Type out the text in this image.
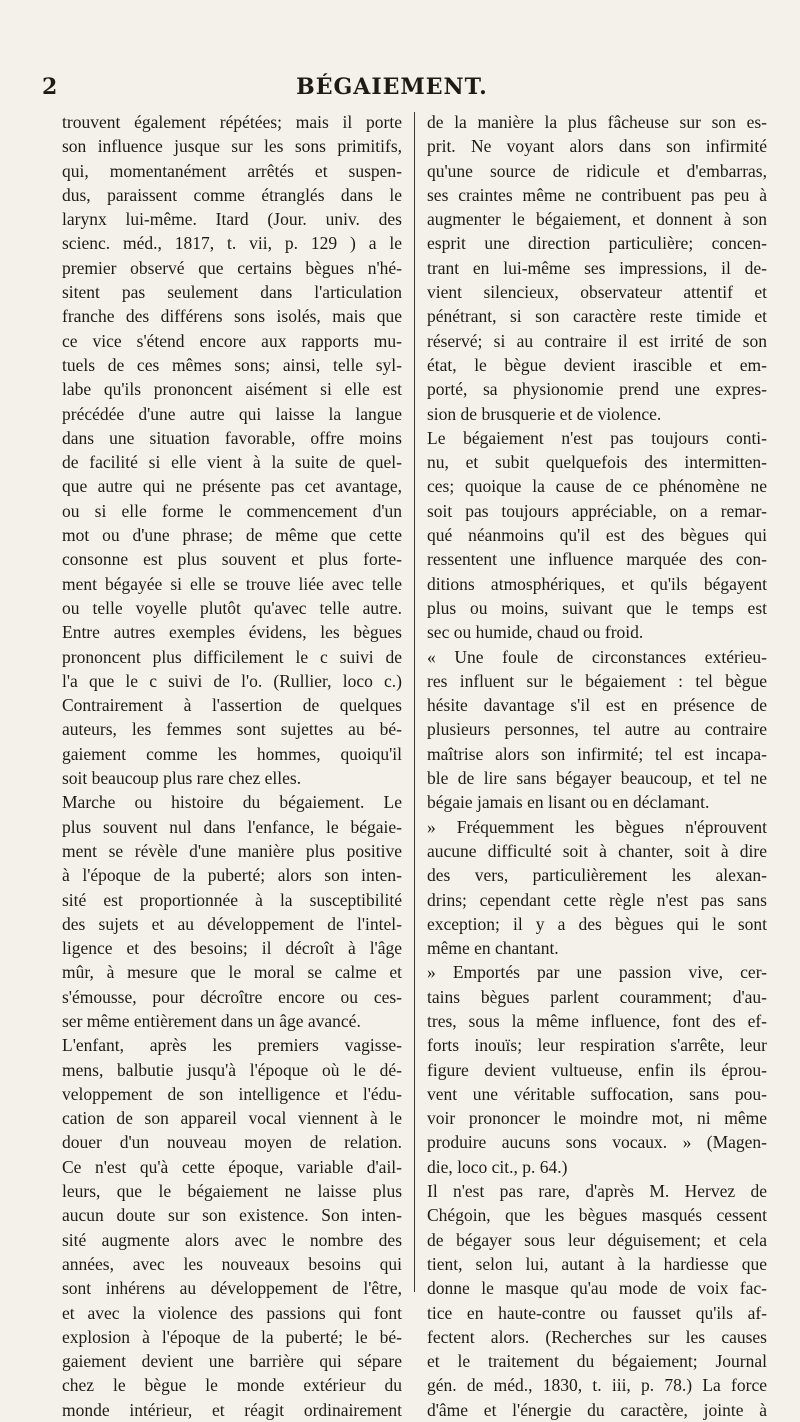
2	BÉGAIEMENT.
trouvent également répétées; mais il porte
son influence jusque sur les sons primitifs,
qui, momentanément arrêtés et suspen-
dus, paraissent comme étranglés dans le
larynx lui-même. Itard (Jour. univ. des
scienc. méd., 1817, t. vii, p. 129 ) a le
premier observé que certains bègues n'hé-
sitent pas seulement dans l'articulation
franche des différens sons isolés, mais que
ce vice s'étend encore aux rapports mu-
tuels de ces mêmes sons; ainsi, telle syl-
labe qu'ils prononcent aisément si elle est
précédée d'une autre qui laisse la langue
dans une situation favorable, offre moins
de facilité si elle vient à la suite de quel-
que autre qui ne présente pas cet avantage,
ou si elle forme le commencement d'un
mot ou d'une phrase; de même que cette
consonne est plus souvent et plus forte-
ment bégayée si elle se trouve liée avec telle
ou telle voyelle plutôt qu'avec telle autre.
Entre autres exemples évidens, les bègues
prononcent plus difficilement le c suivi de
l'a que le c suivi de l'o. (Rullier, loco c.)
Contrairement à l'assertion de quelques
auteurs, les femmes sont sujettes au bé-
gaiement comme les hommes, quoiqu'il
soit beaucoup plus rare chez elles.
Marche ou histoire du bégaiement. Le
plus souvent nul dans l'enfance, le bégaie-
ment se révèle d'une manière plus positive
à l'époque de la puberté; alors son inten-
sité est proportionnée à la susceptibilité
des sujets et au développement de l'intel-
ligence et des besoins; il décroît à l'âge
mûr, à mesure que le moral se calme et
s'émousse, pour décroître encore ou ces-
ser même entièrement dans un âge avancé.
L'enfant, après les premiers vagisse-
mens, balbutie jusqu'à l'époque où le dé-
veloppement de son intelligence et l'édu-
cation de son appareil vocal viennent à le
douer d'un nouveau moyen de relation.
Ce n'est qu'à cette époque, variable d'ail-
leurs, que le bégaiement ne laisse plus
aucun doute sur son existence. Son inten-
sité augmente alors avec le nombre des
années, avec les nouveaux besoins qui
sont inhérens au développement de l'être,
et avec la violence des passions qui font
explosion à l'époque de la puberté; le bé-
gaiement devient une barrière qui sépare
chez le bègue le monde extérieur du
monde intérieur, et réagit ordinairement
de la manière la plus fâcheuse sur son es-
prit. Ne voyant alors dans son infirmité
qu'une source de ridicule et d'embarras,
ses craintes même ne contribuent pas peu à
augmenter le bégaiement, et donnent à son
esprit une direction particulière; concen-
trant en lui-même ses impressions, il de-
vient silencieux, observateur attentif et
pénétrant, si son caractère reste timide et
réservé; si au contraire il est irrité de son
état, le bègue devient irascible et em-
porté, sa physionomie prend une expres-
sion de brusquerie et de violence.
Le bégaiement n'est pas toujours conti-
nu, et subit quelquefois des intermitten-
ces; quoique la cause de ce phénomène ne
soit pas toujours appréciable, on a remar-
qué néanmoins qu'il est des bègues qui
ressentent une influence marquée des con-
ditions atmosphériques, et qu'ils bégayent
plus ou moins, suivant que le temps est
sec ou humide, chaud ou froid.
« Une foule de circonstances extérieu-
res influent sur le bégaiement : tel bègue
hésite davantage s'il est en présence de
plusieurs personnes, tel autre au contraire
maîtrise alors son infirmité; tel est incapa-
ble de lire sans bégayer beaucoup, et tel ne
bégaie jamais en lisant ou en déclamant.
» Fréquemment les bègues n'éprouvent
aucune difficulté soit à chanter, soit à dire
des vers, particulièrement les alexan-
drins; cependant cette règle n'est pas sans
exception; il y a des bègues qui le sont
même en chantant.
» Emportés par une passion vive, cer-
tains bègues parlent couramment; d'au-
tres, sous la même influence, font des ef-
forts inouïs; leur respiration s'arrête, leur
figure devient vultueuse, enfin ils éprou-
vent une véritable suffocation, sans pou-
voir prononcer le moindre mot, ni même
produire aucuns sons vocaux. » (Magen-
die, loco cit., p. 64.)
Il n'est pas rare, d'après M. Hervez de
Chégoin, que les bègues masqués cessent
de bégayer sous leur déguisement; et cela
tient, selon lui, autant à la hardiesse que
donne le masque qu'au mode de voix fac-
tice en haute-contre ou fausset qu'ils af-
fectent alors. (Recherches sur les causes
et le traitement du bégaiement; Journal
gén. de méd., 1830, t. iii, p. 78.) La force
d'âme et l'énergie du caractère, jointe à
